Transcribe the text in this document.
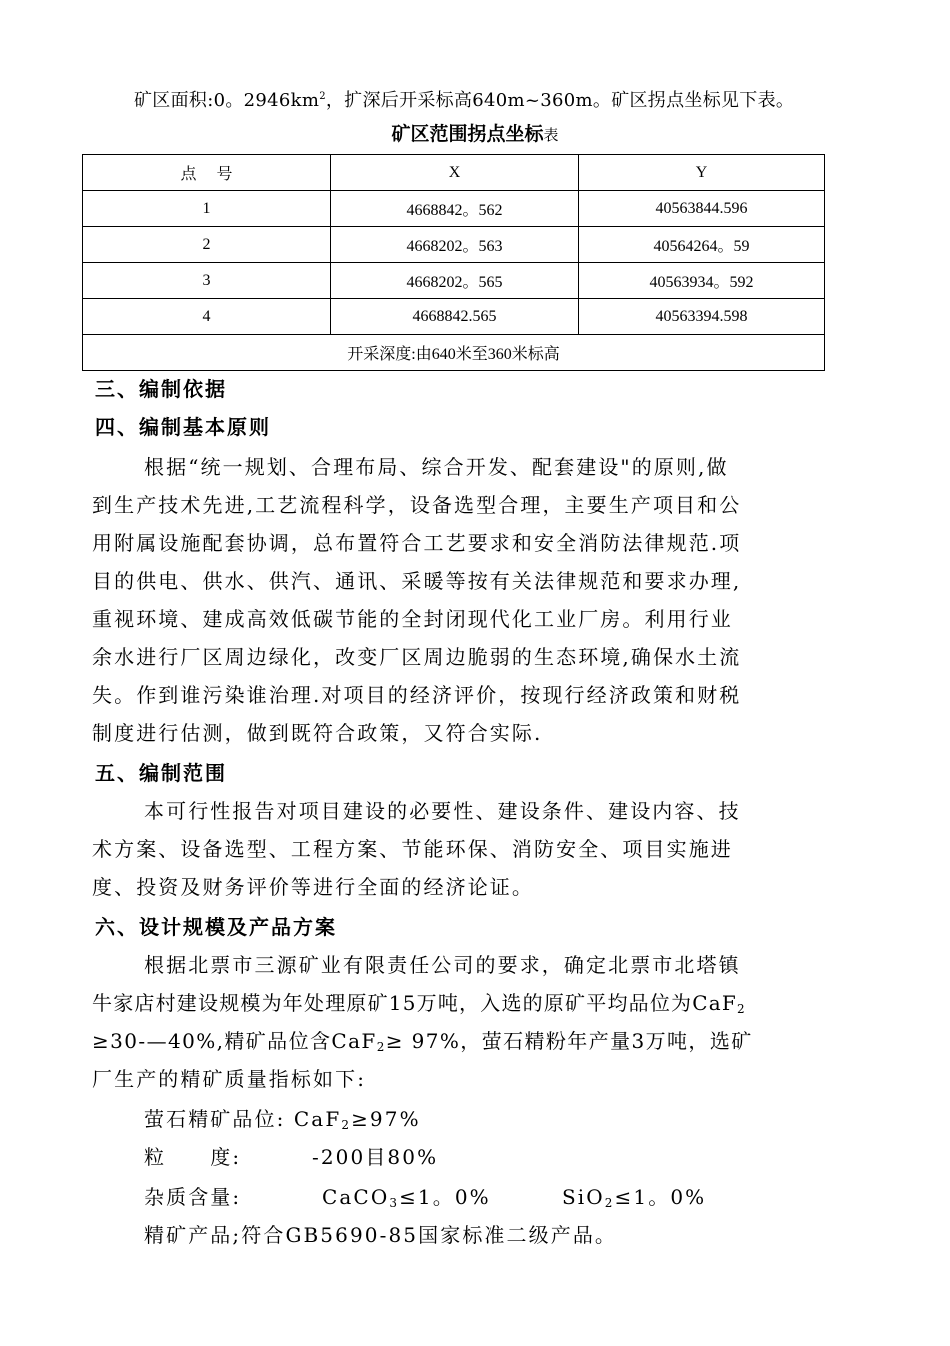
矿区面积:0。$2946km^2$，扩深后开采标高640m~360m。矿区拐点坐标见下表。
矿区范围拐点坐标表
点　 号	X	Y
1	4668842。562	40563844.596
2	4668202。563	40564264。59
3	4668202。565	40563934。592
4	4668842.565	40563394.598
开采深度:由640米至360米标高		
三、编制依据
四、编制基本原则
根据“统一规划、合理布局、综合开发、配套建设"的原则,做
到生产技术先进,工艺流程科学，设备选型合理，主要生产项目和公
用附属设施配套协调，总布置符合工艺要求和安全消防法律规范.项
目的供电、供水、供汽、通讯、采暖等按有关法律规范和要求办理,
重视环境、建成高效低碳节能的全封闭现代化工业厂房。利用行业
余水进行厂区周边绿化，改变厂区周边脆弱的生态环境,确保水土流
失。作到谁污染谁治理.对项目的经济评价，按现行经济政策和财税
制度进行估测，做到既符合政策，又符合实际.
五、编制范围
本可行性报告对项目建设的必要性、建设条件、建设内容、技
术方案、设备选型、工程方案、节能环保、消防安全、项目实施进
度、投资及财务评价等进行全面的经济论证。
六、设计规模及产品方案
根据北票市三源矿业有限责任公司的要求，确定北票市北塔镇
牛家店村建设规模为年处理原矿15万吨，入选的原矿平均品位为CaF$_2$
≥30-—40%,精矿品位含CaF$_2$≥ 97%，萤石精粉年产量3万吨，选矿
厂生产的精矿质量指标如下:
萤石精矿品位: CaF$_2$≥97%
粒　　度:	-200目80%
杂质含量:	CaCO$_3$≤1。0%	SiO$_2$≤1。0%
精矿产品;符合GB5690-85国家标准二级产品。
